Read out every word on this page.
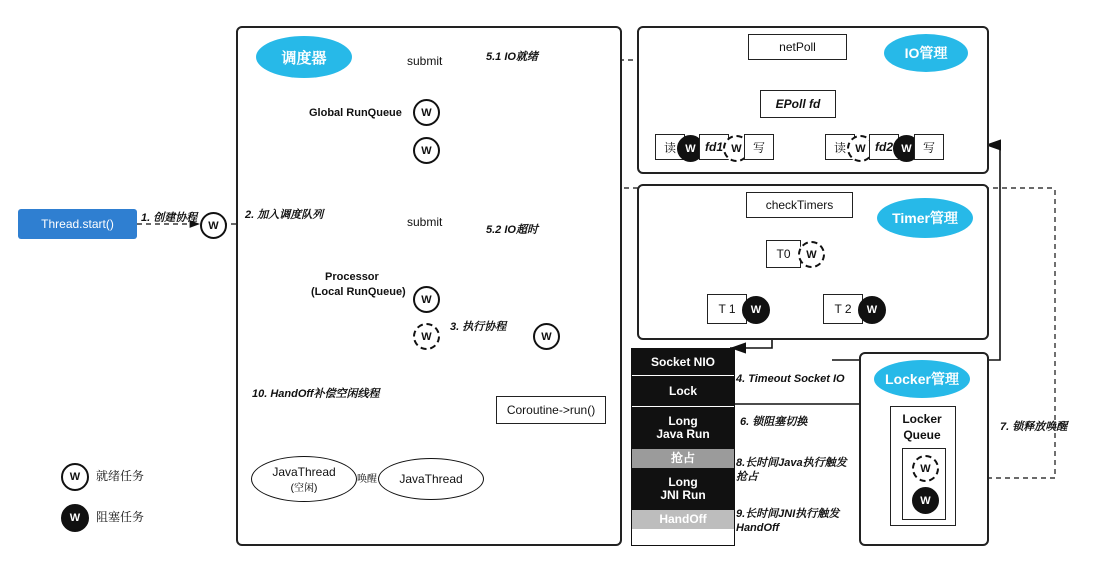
调度器	submit
Global RunQueue	W
W
submit
Processor
(Local RunQueue)
W
W	W
3. 执行协程
10. HandOff补偿空闲线程
Coroutine->run()
JavaThread
(空闲)
JavaThread
唤醒
Thread.start()	W
1. 创建协程	2. 加入调度队列
IO管理
netPoll
EPoll fd
读 W fd1 W 写	读 W fd2 W 写
5.1 IO就绪
5.2 IO超时
Timer管理
checkTimers
T0	W
T 1	W	T 2	W
Locker管理
Locker
Queue
W
W
7. 锁释放唤醒
Socket NIO
Lock
Long
Java Run
抢占
Long
JNI Run
HandOff
4. Timeout Socket IO
6. 锁阻塞切换
8.长时间Java执行触发抢占
9.长时间JNI执行触发HandOff
W	就绪任务
W	阻塞任务
